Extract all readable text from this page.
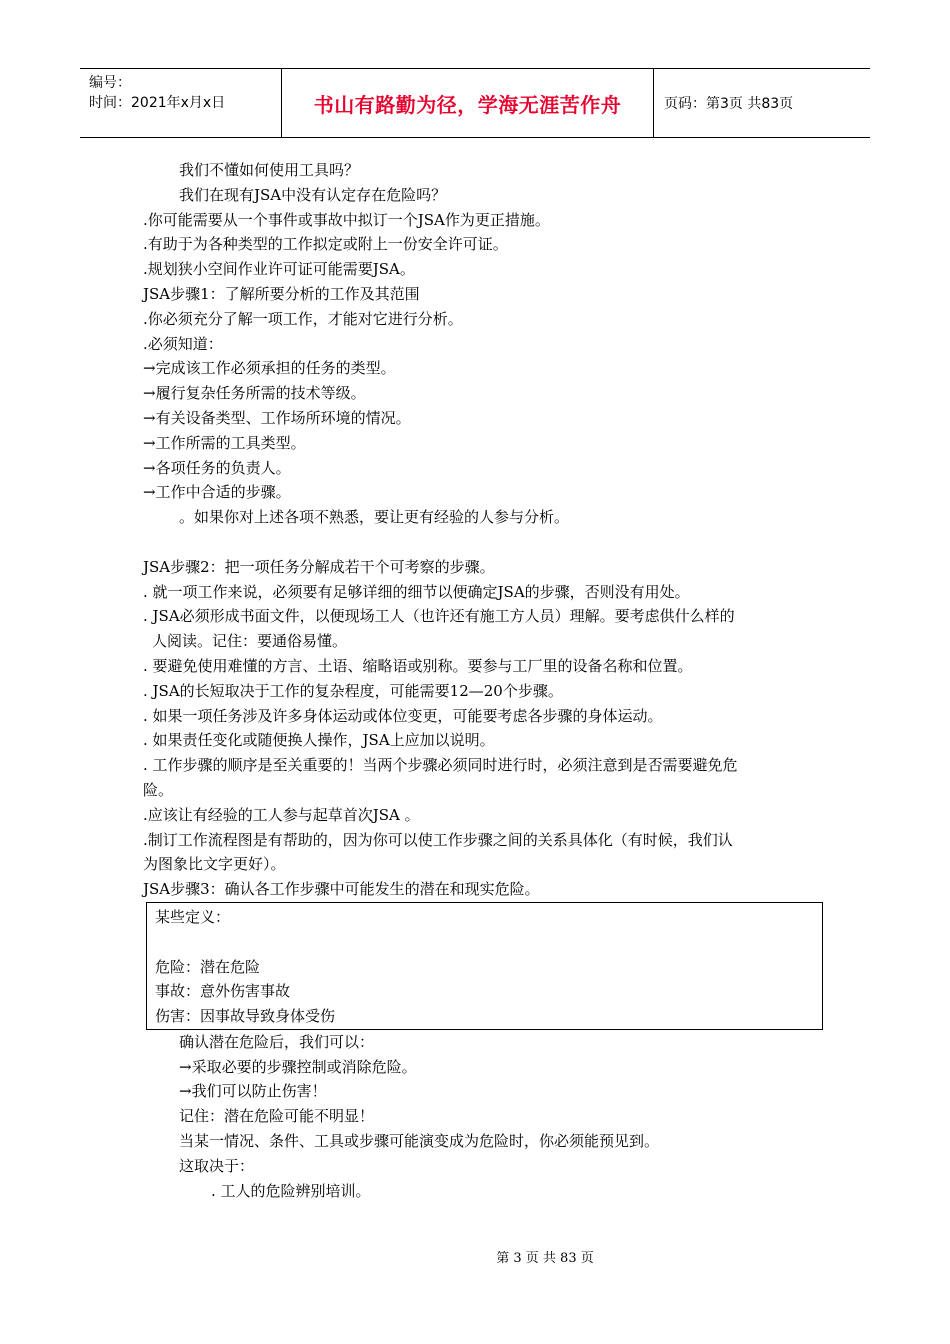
编号：
时间：2021年x月x日	书山有路勤为径，学海无涯苦作舟	页码：第3页 共83页
我们不懂如何使用工具吗？
我们在现有JSA中没有认定存在危险吗？
.你可能需要从一个事件或事故中拟订一个JSA作为更正措施。
.有助于为各种类型的工作拟定或附上一份安全许可证。
.规划狭小空间作业许可证可能需要JSA。
JSA步骤1：了解所要分析的工作及其范围
.你必须充分了解一项工作，才能对它进行分析。
.必须知道：
→完成该工作必须承担的任务的类型。
→履行复杂任务所需的技术等级。
→有关设备类型、工作场所环境的情况。
→工作所需的工具类型。
→各项任务的负责人。
→工作中合适的步骤。
。如果你对上述各项不熟悉，要让更有经验的人参与分析。
JSA步骤2：把一项任务分解成若干个可考察的步骤。
. 就一项工作来说，必须要有足够详细的细节以便确定JSA的步骤，否则没有用处。
. JSA必须形成书面文件，以便现场工人（也许还有施工方人员）理解。要考虑供什么样的
人阅读。记住：要通俗易懂。
. 要避免使用难懂的方言、土语、缩略语或别称。要参与工厂里的设备名称和位置。
. JSA的长短取决于工作的复杂程度，可能需要12—20个步骤。
. 如果一项任务涉及许多身体运动或体位变更，可能要考虑各步骤的身体运动。
. 如果责任变化或随便换人操作，JSA上应加以说明。
. 工作步骤的顺序是至关重要的！当两个步骤必须同时进行时，必须注意到是否需要避免危
险。
.应该让有经验的工人参与起草首次JSA 。
.制订工作流程图是有帮助的，因为你可以使工作步骤之间的关系具体化（有时候，我们认
为图象比文字更好）。
JSA步骤3：确认各工作步骤中可能发生的潜在和现实危险。
某些定义：
危险：潜在危险
事故：意外伤害事故
伤害：因事故导致身体受伤
确认潜在危险后，我们可以：
→采取必要的步骤控制或消除危险。
→我们可以防止伤害！
记住：潜在危险可能不明显！
当某一情况、条件、工具或步骤可能演变成为危险时，你必须能预见到。
这取决于：
. 工人的危险辨别培训。
第 3 页 共 83 页
